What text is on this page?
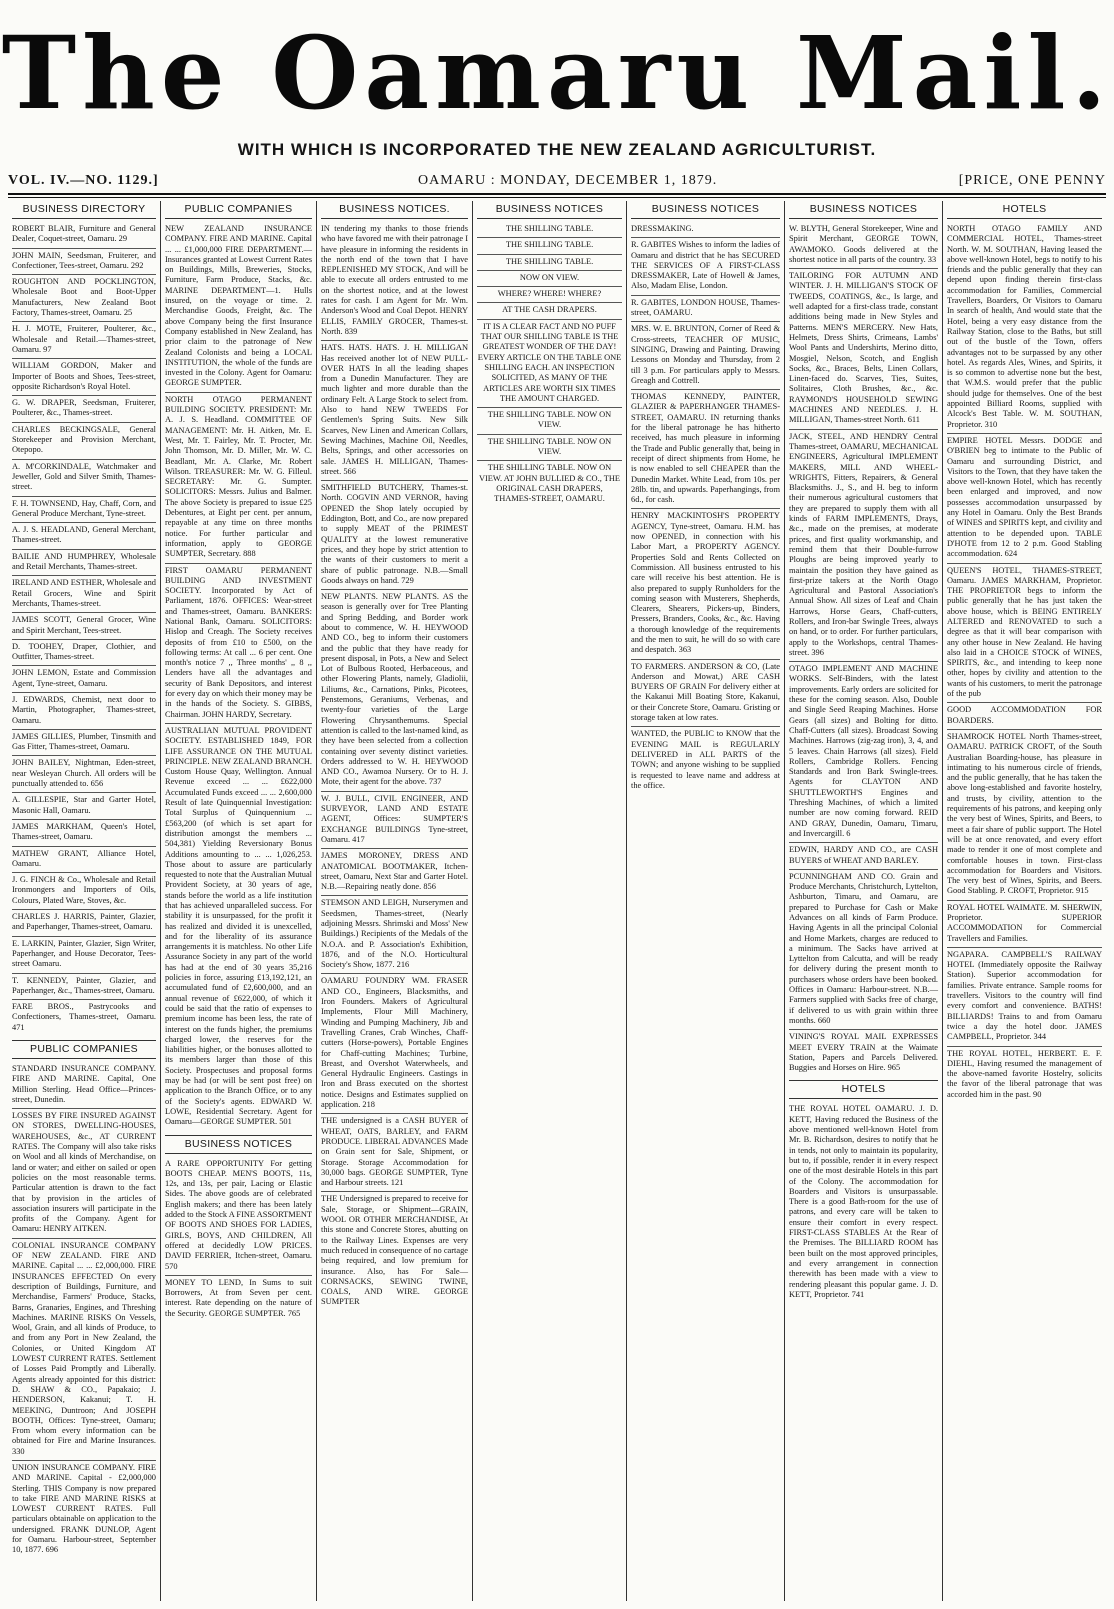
The Oamaru Mail.
WITH WHICH IS INCORPORATED THE NEW ZEALAND AGRICULTURIST.
VOL. IV.—NO. 1129.]	OAMARU : MONDAY, DECEMBER 1, 1879.	[PRICE, ONE PENNY
BUSINESS DIRECTORY
ROBERT BLAIR, Furniture and General Dealer, Coquet-street, Oamaru. 29
JOHN MAIN, Seedsman, Fruiterer, and Confectioner, Tees-street, Oamaru. 292
ROUGHTON AND POCKLINGTON, Wholesale Boot and Boot-Upper Manufacturers, New Zealand Boot Factory, Thames-street, Oamaru. 25
H. J. MOTE, Fruiterer, Poulterer, &c., Wholesale and Retail.—Thames-street, Oamaru. 97
WILLIAM GORDON, Maker and Importer of Boots and Shoes, Tees-street, opposite Richardson's Royal Hotel.
G. W. DRAPER, Seedsman, Fruiterer, Poulterer, &c., Thames-street.
CHARLES BECKINGSALE, General Storekeeper and Provision Merchant, Otepopo.
A. M'CORKINDALE, Watchmaker and Jeweller, Gold and Silver Smith, Thames-street.
F. H. TOWNSEND, Hay, Chaff, Corn, and General Produce Merchant, Tyne-street.
A. J. S. HEADLAND, General Merchant, Thames-street.
BAILIE AND HUMPHREY, Wholesale and Retail Merchants, Thames-street.
IRELAND AND ESTHER, Wholesale and Retail Grocers, Wine and Spirit Merchants, Thames-street.
JAMES SCOTT, General Grocer, Wine and Spirit Merchant, Tees-street.
D. TOOHEY, Draper, Clothier, and Outfitter, Thames-street.
JOHN LEMON, Estate and Commission Agent, Tyne-street, Oamaru.
J. EDWARDS, Chemist, next door to Martin, Photographer, Thames-street, Oamaru.
JAMES GILLIES, Plumber, Tinsmith and Gas Fitter, Thames-street, Oamaru.
JOHN BAILEY, Nightman, Eden-street, near Wesleyan Church. All orders will be punctually attended to. 656
A. GILLESPIE, Star and Garter Hotel, Masonic Hall, Oamaru.
JAMES MARKHAM, Queen's Hotel, Thames-street, Oamaru.
MATHEW GRANT, Alliance Hotel, Oamaru.
J. G. FINCH & Co., Wholesale and Retail Ironmongers and Importers of Oils, Colours, Plated Ware, Stoves, &c.
CHARLES J. HARRIS, Painter, Glazier, and Paperhanger, Thames-street, Oamaru.
E. LARKIN, Painter, Glazier, Sign Writer, Paperhanger, and House Decorator, Tees-street Oamaru.
T. KENNEDY, Painter, Glazier, and Paperhanger, &c., Thames-street, Oamaru.
FARE BROS., Pastrycooks and Confectioners, Thames-street, Oamaru. 471
PUBLIC COMPANIES
STANDARD INSURANCE COMPANY. FIRE AND MARINE. Capital, One Million Sterling. Head Office—Princes-street, Dunedin.
LOSSES BY FIRE INSURED AGAINST ON STORES, DWELLING-HOUSES, WAREHOUSES, &c., AT CURRENT RATES. The Company will also take risks on Wool and all kinds of Merchandise, on land or water; and either on sailed or open policies on the most reasonable terms. Particular attention is drawn to the fact that by provision in the articles of association insurers will participate in the profits of the Company. Agent for Oamaru: HENRY AITKEN.
COLONIAL INSURANCE COMPANY OF NEW ZEALAND. FIRE AND MARINE. Capital ... ... £2,000,000. FIRE INSURANCES EFFECTED On every description of Buildings, Furniture, and Merchandise, Farmers' Produce, Stacks, Barns, Granaries, Engines, and Threshing Machines. MARINE RISKS On Vessels, Wool, Grain, and all kinds of Produce, to and from any Port in New Zealand, the Colonies, or United Kingdom AT LOWEST CURRENT RATES. Settlement of Losses Paid Promptly and Liberally. Agents already appointed for this district: D. SHAW & CO., Papakaio; J. HENDERSON, Kakanui; T. H. MEEKING, Duntroon; And JOSEPH BOOTH, Offices: Tyne-street, Oamaru; From whom every information can be obtained for Fire and Marine Insurances. 330
UNION INSURANCE COMPANY. FIRE AND MARINE. Capital - £2,000,000 Sterling. THIS Company is now prepared to take FIRE AND MARINE RISKS at LOWEST CURRENT RATES. Full particulars obtainable on application to the undersigned. FRANK DUNLOP, Agent for Oamaru. Harbour-street, September 10, 1877. 696
PUBLIC COMPANIES
NEW ZEALAND INSURANCE COMPANY. FIRE AND MARINE. Capital ... ... £1,000,000 FIRE DEPARTMENT.—Insurances granted at Lowest Current Rates on Buildings, Mills, Breweries, Stocks, Furniture, Farm Produce, Stacks, &c. MARINE DEPARTMENT—1. Hulls insured, on the voyage or time. 2. Merchandise Goods, Freight, &c. The above Company being the first Insurance Company established in New Zealand, has prior claim to the patronage of New Zealand Colonists and being a LOCAL INSTITUTION, the whole of the funds are invested in the Colony. Agent for Oamaru: GEORGE SUMPTER.
NORTH OTAGO PERMANENT BUILDING SOCIETY. PRESIDENT: Mr. A. J. S. Headland. COMMITTEE OF MANAGEMENT: Mr. H. Aitken, Mr. E. West, Mr. T. Fairley, Mr. T. Procter, Mr. John Thomson, Mr. D. Miller, Mr. W. C. Beadlant, Mr. A. Clarke, Mr. Robert Wilson. TREASURER: Mr. W. G. Filleul. SECRETARY: Mr. G. Sumpter. SOLICITORS: Messrs. Julius and Balmer. The above Society is prepared to issue £25 Debentures, at Eight per cent. per annum, repayable at any time on three months notice. For further particular and information, apply to GEORGE SUMPTER, Secretary. 888
FIRST OAMARU PERMANENT BUILDING AND INVESTMENT SOCIETY. Incorporated by Act of Parliament, 1876. OFFICES: Wear-street and Thames-street, Oamaru. BANKERS: National Bank, Oamaru. SOLICITORS: Hislop and Creagh. The Society receives deposits of from £10 to £500, on the following terms: At call ... 6 per cent. One month's notice 7 ,, Three months' ,, 8 ,, Lenders have all the advantages and security of Bank Depositors, and interest for every day on which their money may be in the hands of the Society. S. GIBBS, Chairman. JOHN HARDY, Secretary.
AUSTRALIAN MUTUAL PROVIDENT SOCIETY. ESTABLISHED 1849, FOR LIFE ASSURANCE ON THE MUTUAL PRINCIPLE. NEW ZEALAND BRANCH. Custom House Quay, Wellington. Annual Revenue exceed ... ... £622,000 Accumulated Funds exceed ... ... 2,600,000 Result of late Quinquennial Investigation: Total Surplus of Quinquennium ... £563,200 (of which is set apart for distribution amongst the members ... 504,381) Yielding Reversionary Bonus Additions amounting to ... ... 1,026,253. Those about to assure are particularly requested to note that the Australian Mutual Provident Society, at 30 years of age, stands before the world as a life institution that has achieved unparalleled success. For stability it is unsurpassed, for the profit it has realized and divided it is unexcelled, and for the liberality of its assurance arrangements it is matchless. No other Life Assurance Society in any part of the world has had at the end of 30 years 35,216 policies in force, assuring £13,192,121, an accumulated fund of £2,600,000, and an annual revenue of £622,000, of which it could be said that the ratio of expenses to premium income has been less, the rate of interest on the funds higher, the premiums charged lower, the reserves for the liabilities higher, or the bonuses allotted to its members larger than those of this Society. Prospectuses and proposal forms may be had (or will be sent post free) on application to the Branch Office, or to any of the Society's agents. EDWARD W. LOWE, Residential Secretary. Agent for Oamaru—GEORGE SUMPTER. 501
BUSINESS NOTICES
A RARE OPPORTUNITY For getting BOOTS CHEAP. MEN'S BOOTS, 11s, 12s, and 13s, per pair, Lacing or Elastic Sides. The above goods are of celebrated English makers; and there has been lately added to the Stock A FINE ASSORTMENT OF BOOTS AND SHOES FOR LADIES, GIRLS, BOYS, AND CHILDREN, All offered at decidedly LOW PRICES. DAVID FERRIER, Itchen-street, Oamaru. 570
MONEY TO LEND, In Sums to suit Borrowers, At from Seven per cent. interest. Rate depending on the nature of the Security. GEORGE SUMPTER. 765
BUSINESS NOTICES.
IN tendering my thanks to those friends who have favored me with their patronage I have pleasure in informing the residents in the north end of the town that I have REPLENISHED MY STOCK, And will be able to execute all orders entrusted to me on the shortest notice, and at the lowest rates for cash. I am Agent for Mr. Wm. Anderson's Wood and Coal Depot. HENRY ELLIS, FAMILY GROCER, Thames-st. North. 839
HATS. HATS. HATS. J. H. MILLIGAN Has received another lot of NEW PULL-OVER HATS In all the leading shapes from a Dunedin Manufacturer. They are much lighter and more durable than the ordinary Felt. A Large Stock to select from. Also to hand NEW TWEEDS For Gentlemen's Spring Suits. New Silk Scarves, New Linen and American Collars, Sewing Machines, Machine Oil, Needles, Belts, Springs, and other accessories on sale. JAMES H. MILLIGAN, Thames-street. 566
SMITHFIELD BUTCHERY, Thames-st. North. COGVIN AND VERNOR, having OPENED the Shop lately occupied by Eddington, Bott, and Co., are now prepared to supply MEAT of the PRIMEST QUALITY at the lowest remunerative prices, and they hope by strict attention to the wants of their customers to merit a share of public patronage. N.B.—Small Goods always on hand. 729
NEW PLANTS. NEW PLANTS. AS the season is generally over for Tree Planting and Spring Bedding, and Border work about to commence, W. H. HEYWOOD AND CO., beg to inform their customers and the public that they have ready for present disposal, in Pots, a New and Select Lot of Bulbous Rooted, Herbaceous, and other Flowering Plants, namely, Gladiolii, Liliums, &c., Carnations, Pinks, Picotees, Penstemons, Geraniums, Verbenas, and twenty-four varieties of the Large Flowering Chrysanthemums. Special attention is called to the last-named kind, as they have been selected from a collection containing over seventy distinct varieties. Orders addressed to W. H. HEYWOOD AND CO., Awamoa Nursery. Or to H. J. Mote, their agent for the above. 737
W. J. BULL, CIVIL ENGINEER, AND SURVEYOR, LAND AND ESTATE AGENT, Offices: SUMPTER'S EXCHANGE BUILDINGS Tyne-street, Oamaru. 417
JAMES MORONEY, DRESS AND ANATOMICAL BOOTMAKER, Itchen-street, Oamaru, Next Star and Garter Hotel. N.B.—Repairing neatly done. 856
STEMSON AND LEIGH, Nurserymen and Seedsmen, Thames-street, (Nearly adjoining Messrs. Shrimski and Moss' New Buildings.) Recipients of the Medals of the N.O.A. and P. Association's Exhibition, 1876, and of the N.O. Horticultural Society's Show, 1877. 216
OAMARU FOUNDRY WM. FRASER AND CO., Engineers, Blacksmiths, and Iron Founders. Makers of Agricultural Implements, Flour Mill Machinery, Winding and Pumping Machinery, Jib and Travelling Cranes, Crab Winches, Chaff-cutters (Horse-powers), Portable Engines for Chaff-cutting Machines; Turbine, Breast, and Overshot Waterwheels, and General Hydraulic Engineers. Castings in Iron and Brass executed on the shortest notice. Designs and Estimates supplied on application. 218
THE undersigned is a CASH BUYER of WHEAT, OATS, BARLEY, and FARM PRODUCE. LIBERAL ADVANCES Made on Grain sent for Sale, Shipment, or Storage. Storage Accommodation for 30,000 bags. GEORGE SUMPTER, Tyne and Harbour streets. 121
THE Undersigned is prepared to receive for Sale, Storage, or Shipment—GRAIN, WOOL OR OTHER MERCHANDISE, At this stone and Concrete Stores, abutting on to the Railway Lines. Expenses are very much reduced in consequence of no cartage being required, and low premium for insurance. Also, has For Sale—CORNSACKS, SEWING TWINE, COALS, AND WIRE. GEORGE SUMPTER
BUSINESS NOTICES
THE SHILLING TABLE.
THE SHILLING TABLE.
THE SHILLING TABLE.
NOW ON VIEW.
WHERE? WHERE! WHERE?
AT THE CASH DRAPERS.
IT IS A CLEAR FACT AND NO PUFF THAT OUR SHILLING TABLE IS THE GREATEST WONDER OF THE DAY! EVERY ARTICLE ON THE TABLE ONE SHILLING EACH. AN INSPECTION SOLICITED, AS MANY OF THE ARTICLES ARE WORTH SIX TIMES THE AMOUNT CHARGED.
THE SHILLING TABLE. NOW ON VIEW.
THE SHILLING TABLE. NOW ON VIEW.
THE SHILLING TABLE. NOW ON VIEW. AT JOHN BULLIED & CO., THE ORIGINAL CASH DRAPERS, THAMES-STREET, OAMARU.
BUSINESS NOTICES
DRESSMAKING.
R. GABITES Wishes to inform the ladies of Oamaru and district that he has SECURED THE SERVICES OF A FIRST-CLASS DRESSMAKER, Late of Howell & James, Also, Madam Elise, London.
R. GABITES, LONDON HOUSE, Thames-street, OAMARU.
MRS. W. E. BRUNTON, Corner of Reed & Cross-streets, TEACHER OF MUSIC, SINGING, Drawing and Painting. Drawing Lessons on Monday and Thursday, from 2 till 3 p.m. For particulars apply to Messrs. Greagh and Cottrell.
THOMAS KENNEDY, PAINTER, GLAZIER & PAPERHANGER THAMES-STREET, OAMARU. IN returning thanks for the liberal patronage he has hitherto received, has much pleasure in informing the Trade and Public generally that, being in receipt of direct shipments from Home, he is now enabled to sell CHEAPER than the Dunedin Market. White Lead, from 10s. per 28lb. tin, and upwards. Paperhangings, from 6d., for cash.
HENRY MACKINTOSH'S PROPERTY AGENCY, Tyne-street, Oamaru. H.M. has now OPENED, in connection with his Labor Mart, a PROPERTY AGENCY. Properties Sold and Rents Collected on Commission. All business entrusted to his care will receive his best attention. He is also prepared to supply Runholders for the coming season with Musterers, Shepherds, Clearers, Shearers, Pickers-up, Binders, Pressers, Branders, Cooks, &c., &c. Having a thorough knowledge of the requirements and the men to suit, he will do so with care and despatch. 363
TO FARMERS. ANDERSON & CO, (Late Anderson and Mowat,) ARE CASH BUYERS OF GRAIN For delivery either at the Kakanui Mill Boating Store, Kakanui, or their Concrete Store, Oamaru. Gristing or storage taken at low rates.
WANTED, the PUBLIC to KNOW that the EVENING MAIL is REGULARLY DELIVERED in ALL PARTS of the TOWN; and anyone wishing to be supplied is requested to leave name and address at the office.
BUSINESS NOTICES
W. BLYTH, General Storekeeper, Wine and Spirit Merchant, GEORGE TOWN, AWAMOKO. Goods delivered at the shortest notice in all parts of the country. 33
TAILORING FOR AUTUMN AND WINTER. J. H. MILLIGAN'S STOCK OF TWEEDS, COATINGS, &c., Is large, and well adapted for a first-class trade, constant additions being made in New Styles and Patterns. MEN'S MERCERY. New Hats, Helmets, Dress Shirts, Crimeans, Lambs' Wool Pants and Undershirts, Merino ditto, Mosgiel, Nelson, Scotch, and English Socks, &c., Braces, Belts, Linen Collars, Linen-faced do. Scarves, Ties, Suites, Solitaires, Cloth Brushes, &c., &c. RAYMOND'S HOUSEHOLD SEWING MACHINES AND NEEDLES. J. H. MILLIGAN, Thames-street North. 611
JACK, STEEL, AND HENDRY Central Thames-street, OAMARU, MECHANICAL ENGINEERS, Agricultural IMPLEMENT MAKERS, MILL AND WHEEL-WRIGHTS, Fitters, Repairers, & General Blacksmiths. J., S., and H. beg to inform their numerous agricultural customers that they are prepared to supply them with all kinds of FARM IMPLEMENTS, Drays, &c., made on the premises, at moderate prices, and first quality workmanship, and remind them that their Double-furrow Ploughs are being improved yearly to maintain the position they have gained as first-prize takers at the North Otago Agricultural and Pastoral Association's Annual Show. All sizes of Leaf and Chain Harrows, Horse Gears, Chaff-cutters, Rollers, and Iron-bar Swingle Trees, always on hand, or to order. For further particulars, apply to the Workshops, central Thames-street. 396
OTAGO IMPLEMENT AND MACHINE WORKS. Self-Binders, with the latest improvements. Early orders are solicited for these for the coming season. Also, Double and Single Seed Reaping Machines. Horse Gears (all sizes) and Bolting for ditto. Chaff-Cutters (all sizes). Broadcast Sowing Machines. Harrows (zig-zag iron), 3, 4, and 5 leaves. Chain Harrows (all sizes). Field Rollers, Cambridge Rollers. Fencing Standards and Iron Bark Swingle-trees. Agents for CLAYTON AND SHUTTLEWORTH'S Engines and Threshing Machines, of which a limited number are now coming forward. REID AND GRAY, Dunedin, Oamaru, Timaru, and Invercargill. 6
EDWIN, HARDY AND CO., are CASH BUYERS of WHEAT AND BARLEY.
PCUNNINGHAM AND CO. Grain and Produce Merchants, Christchurch, Lyttelton, Ashburton, Timaru, and Oamaru, are prepared to Purchase for Cash or Make Advances on all kinds of Farm Produce. Having Agents in all the principal Colonial and Home Markets, charges are reduced to a minimum. The Sacks have arrived at Lyttelton from Calcutta, and will be ready for delivery during the present month to purchasers whose orders have been booked. Offices in Oamaru: Harbour-street. N.B.—Farmers supplied with Sacks free of charge, if delivered to us with grain within three months. 660
VINING'S ROYAL MAIL EXPRESSES MEET EVERY TRAIN at the Waimate Station, Papers and Parcels Delivered. Buggies and Horses on Hire. 965
HOTELS
THE ROYAL HOTEL OAMARU. J. D. KETT, Having reduced the Business of the above mentioned well-known Hotel from Mr. B. Richardson, desires to notify that he in tends, not only to maintain its popularity, but to, if possible, render it in every respect one of the most desirable Hotels in this part of the Colony. The accommodation for Boarders and Visitors is unsurpassable. There is a good Bath-room for the use of patrons, and every care will be taken to ensure their comfort in every respect. FIRST-CLASS STABLES At the Rear of the Premises. The BILLIARD ROOM has been built on the most approved principles, and every arrangement in connection therewith has been made with a view to rendering pleasant this popular game. J. D. KETT, Proprietor. 741
HOTELS
NORTH OTAGO FAMILY AND COMMERCIAL HOTEL, Thames-street North. W. M. SOUTHAN, Having leased the above well-known Hotel, begs to notify to his friends and the public generally that they can depend upon finding therein first-class accommodation for Families, Commercial Travellers, Boarders, Or Visitors to Oamaru In search of health, And would state that the Hotel, being a very easy distance from the Railway Station, close to the Baths, but still out of the bustle of the Town, offers advantages not to be surpassed by any other hotel. As regards Ales, Wines, and Spirits, it is so common to advertise none but the best, that W.M.S. would prefer that the public should judge for themselves. One of the best appointed Billiard Rooms, supplied with Alcock's Best Table. W. M. SOUTHAN, Proprietor. 310
EMPIRE HOTEL Messrs. DODGE and O'BRIEN beg to intimate to the Public of Oamaru and surrounding District, and Visitors to the Town, that they have taken the above well-known Hotel, which has recently been enlarged and improved, and now possesses accommodation unsurpassed by any Hotel in Oamaru. Only the Best Brands of WINES and SPIRITS kept, and civility and attention to be depended upon. TABLE D'HOTE from 12 to 2 p.m. Good Stabling accommodation. 624
QUEEN'S HOTEL, THAMES-STREET, Oamaru. JAMES MARKHAM, Proprietor. THE PROPRIETOR begs to inform the public generally that he has just taken the above house, which is BEING ENTIRELY ALTERED and RENOVATED to such a degree as that it will bear comparison with any other house in New Zealand. He having also laid in a CHOICE STOCK of WINES, SPIRITS, &c., and intending to keep none other, hopes by civility and attention to the wants of his customers, to merit the patronage of the pub
GOOD ACCOMMODATION FOR BOARDERS.
SHAMROCK HOTEL North Thames-street, OAMARU. PATRICK CROFT, of the South Australian Boarding-house, has pleasure in intimating to his numerous circle of friends, and the public generally, that he has taken the above long-established and favorite hostelry, and trusts, by civility, attention to the requirements of his patrons, and keeping only the very best of Wines, Spirits, and Beers, to meet a fair share of public support. The Hotel will be at once renovated, and every effort made to render it one of most complete and comfortable houses in town. First-class accommodation for Boarders and Visitors. The very best of Wines, Spirits, and Beers. Good Stabling. P. CROFT, Proprietor. 915
ROYAL HOTEL WAIMATE. M. SHERWIN, Proprietor. SUPERIOR ACCOMMODATION for Commercial Travellers and Families.
NGAPARA. CAMPBELL'S RAILWAY HOTEL (Immediately opposite the Railway Station). Superior accommodation for families. Private entrance. Sample rooms for travellers. Visitors to the country will find every comfort and convenience. BATHS! BILLIARDS! Trains to and from Oamaru twice a day the hotel door. JAMES CAMPBELL, Proprietor. 344
THE ROYAL HOTEL, HERBERT. E. F. DIEHL, Having resumed the management of the above-named favorite Hostelry, solicits the favor of the liberal patronage that was accorded him in the past. 90
